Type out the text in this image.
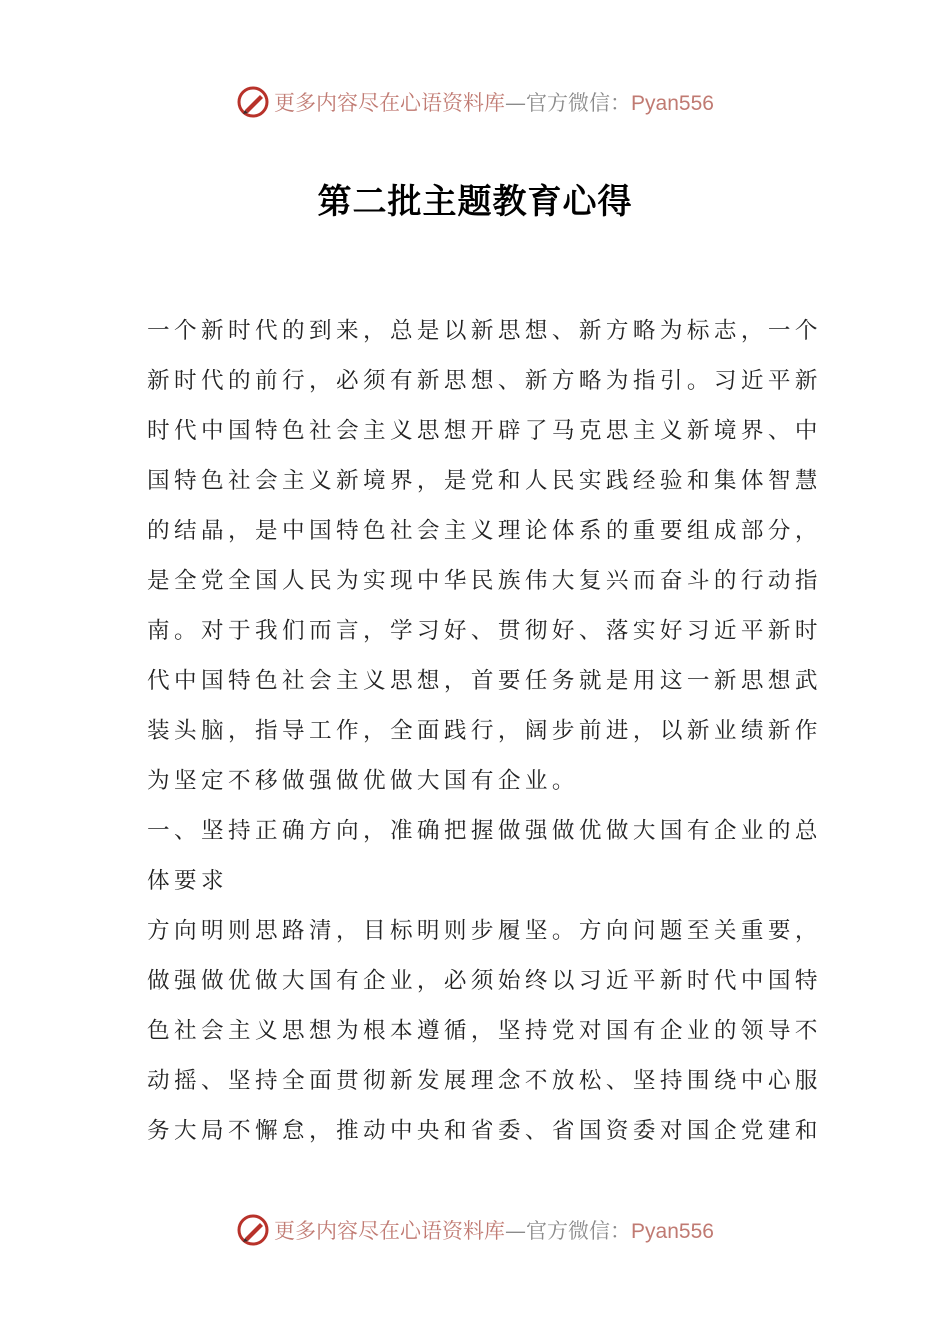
更多内容尽在心语资料库—官方微信：Pyan556
第二批主题教育心得
一个新时代的到来，总是以新思想、新方略为标志，一个
新时代的前行，必须有新思想、新方略为指引。习近平新
时代中国特色社会主义思想开辟了马克思主义新境界、中
国特色社会主义新境界，是党和人民实践经验和集体智慧
的结晶，是中国特色社会主义理论体系的重要组成部分，
是全党全国人民为实现中华民族伟大复兴而奋斗的行动指
南。对于我们而言，学习好、贯彻好、落实好习近平新时
代中国特色社会主义思想，首要任务就是用这一新思想武
装头脑，指导工作，全面践行，阔步前进，以新业绩新作
为坚定不移做强做优做大国有企业。
一、坚持正确方向，准确把握做强做优做大国有企业的总
体要求
方向明则思路清，目标明则步履坚。方向问题至关重要，
做强做优做大国有企业，必须始终以习近平新时代中国特
色社会主义思想为根本遵循，坚持党对国有企业的领导不
动摇、坚持全面贯彻新发展理念不放松、坚持围绕中心服
务大局不懈怠，推动中央和省委、省国资委对国企党建和
更多内容尽在心语资料库—官方微信：Pyan556
